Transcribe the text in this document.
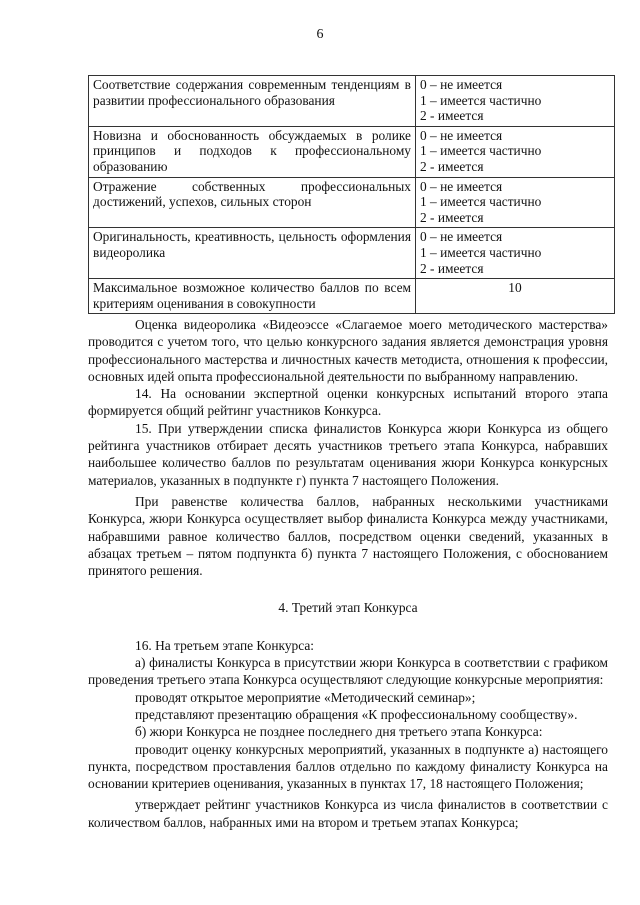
6
Соответствие содержания современным тенденциям в развитии профессионального образования	0 – не имеется
1 – имеется частично
2 - имеется

Новизна и обоснованность обсуждаемых в ролике принципов и подходов к профессиональному образованию	0 – не имеется
1 – имеется частично
2 - имеется

Отражение собственных профессиональных достижений, успехов, сильных сторон	0 – не имеется
1 – имеется частично
2 - имеется

Оригинальность, креативность, цельность оформления видеоролика	0 – не имеется
1 – имеется частично
2 - имеется

Максимальное возможное количество баллов по всем критериям оценивания в совокупности	10

Оценка видеоролика «Видеоэссе «Слагаемое моего методического мастерства» проводится с учетом того, что целью конкурсного задания является демонстрация уровня профессионального мастерства и личностных качеств методиста, отношения к профессии, основных идей опыта профессиональной деятельности по выбранному направлению.

14. На основании экспертной оценки конкурсных испытаний второго этапа формируется общий рейтинг участников Конкурса.

15. При утверждении списка финалистов Конкурса жюри Конкурса из общего рейтинга участников отбирает десять участников третьего этапа Конкурса, набравших наибольшее количество баллов по результатам оценивания жюри Конкурса конкурсных материалов, указанных в подпункте г) пункта 7 настоящего Положения.

При равенстве количества баллов, набранных несколькими участниками Конкурса, жюри Конкурса осуществляет выбор финалиста Конкурса между участниками, набравшими равное количество баллов, посредством оценки сведений, указанных в абзацах третьем – пятом подпункта б) пункта 7 настоящего Положения, с обоснованием принятого решения.

4. Третий этап Конкурса

16. На третьем этапе Конкурса:

а) финалисты Конкурса в присутствии жюри Конкурса в соответствии с графиком проведения третьего этапа Конкурса осуществляют следующие конкурсные мероприятия:

проводят открытое мероприятие «Методический семинар»;

представляют презентацию обращения «К профессиональному сообществу».

б) жюри Конкурса не позднее последнего дня третьего этапа Конкурса:

проводит оценку конкурсных мероприятий, указанных в подпункте а) настоящего пункта, посредством проставления баллов отдельно по каждому финалисту Конкурса на основании критериев оценивания, указанных в пунктах 17, 18 настоящего Положения;

утверждает рейтинг участников Конкурса из числа финалистов в соответствии с количеством баллов, набранных ими на втором и третьем этапах Конкурса;
